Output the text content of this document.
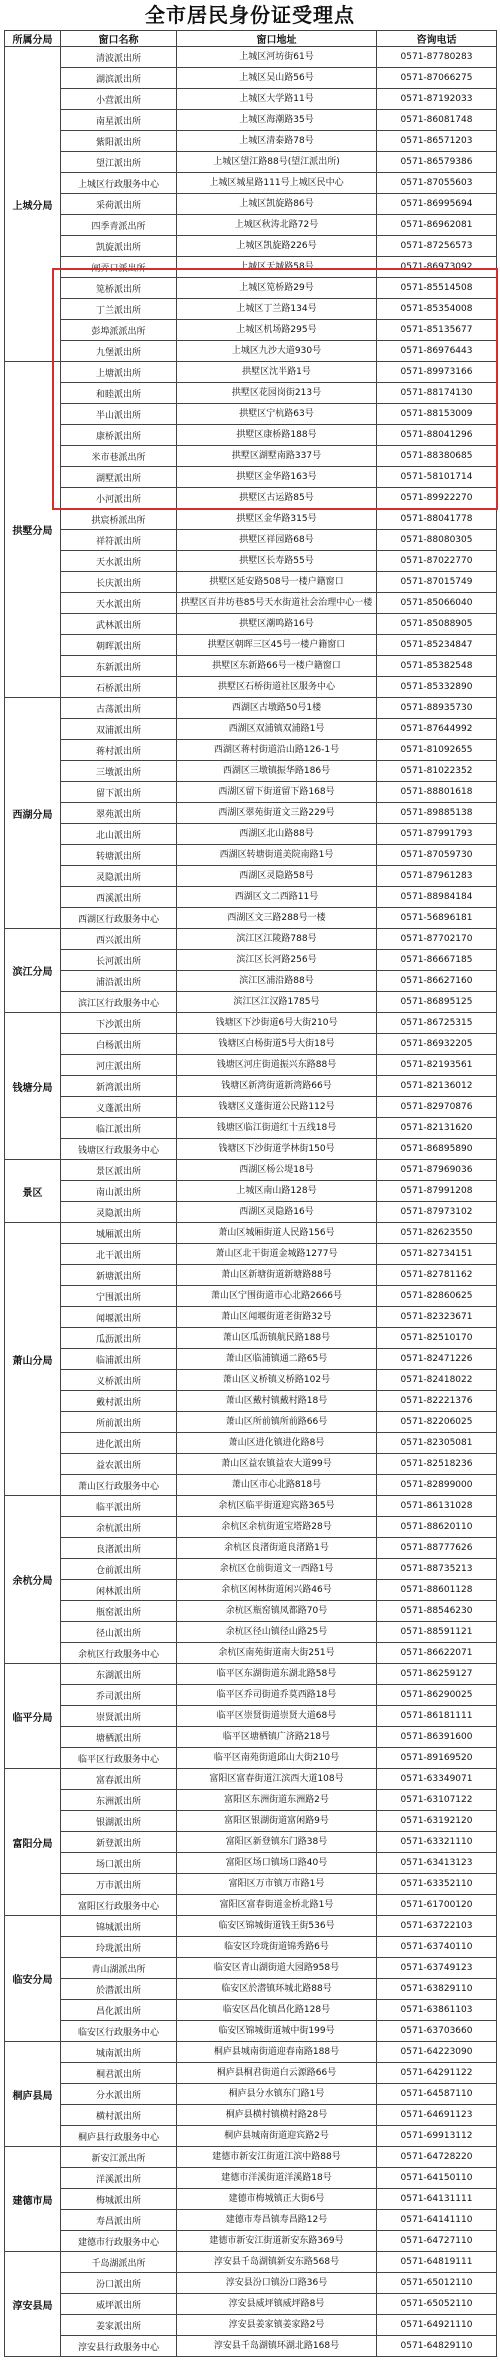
全市居民身份证受理点
所属分局	窗口名称	窗口地址	咨询电话
上城分局	清波派出所	上城区河坊街61号	0571-87780283
	湖滨派出所	上城区吴山路56号	0571-87066275
	小营派出所	上城区大学路11号	0571-87192033
	南星派出所	上城区海潮路35号	0571-86081748
	紫阳派出所	上城区清泰路78号	0571-86571203
	望江派出所	上城区望江路88号(望江派出所)	0571-86579386
	上城区行政服务中心	上城区城星路111号上城区民中心	0571-87055603
	采荷派出所	上城区凯旋路86号	0571-86995694
	四季青派出所	上城区秋涛北路72号	0571-86962081
	凯旋派出所	上城区凯旋路226号	0571-87256573
	闸弄口派出所	上城区天城路58号	0571-86973092
	笕桥派出所	上城区笕桥路29号	0571-85514508
	丁兰派出所	上城区丁兰路134号	0571-85354008
	彭埠派派出所	上城区机场路295号	0571-85135677
	九堡派出所	上城区九沙大道930号	0571-86976443
拱墅分局	上塘派出所	拱墅区沈半路1号	0571-89973166
	和睦派出所	拱墅区花园岗街213号	0571-88174130
	半山派出所	拱墅区宁杭路63号	0571-88153009
	康桥派出所	拱墅区康桥路188号	0571-88041296
	米市巷派出所	拱墅区湖墅南路337号	0571-88380685
	湖墅派出所	拱墅区金华路163号	0571-58101714
	小河派出所	拱墅区古运路85号	0571-89922270
	拱宸桥派出所	拱墅区金华路315号	0571-88041778
	祥符派出所	拱墅区祥园路68号	0571-88080305
	天水派出所	拱墅区长寿路55号	0571-87022770
	长庆派出所	拱墅区延安路508号一楼户籍窗口	0571-87015749
	天水派出所	拱墅区百井坊巷85号天水街道社会治理中心一楼	0571-85066040
	武林派出所	拱墅区潮鸣路16号	0571-85088905
	朝晖派出所	拱墅区朝晖三区45号一楼户籍窗口	0571-85234847
	东新派出所	拱墅区东新路66号一楼户籍窗口	0571-85382548
	石桥派出所	拱墅区石桥街道社区服务中心	0571-85332890
西湖分局	古荡派出所	西湖区古墩路50号1楼	0571-88935730
	双浦派出所	西湖区双浦镇双浦路1号	0571-87644992
	蒋村派出所	西湖区蒋村街道沿山路126-1号	0571-81092655
	三墩派出所	西湖区三墩镇振华路186号	0571-81022352
	留下派出所	西湖区留下街道留下路168号	0571-88801618
	翠苑派出所	西湖区翠苑街道文三路229号	0571-89885138
	北山派出所	西湖区北山路88号	0571-87991793
	转塘派出所	西湖区转塘街道美院南路1号	0571-87059730
	灵隐派出所	西湖区灵隐路58号	0571-87961283
	西溪派出所	西湖区文二西路11号	0571-88984184
	西湖区行政服务中心	西湖区文三路288号一楼	0571-56896181
滨江分局	西兴派出所	滨江区江陵路788号	0571-87702170
	长河派出所	滨江区长河路256号	0571-86667185
	浦沿派出所	滨江区浦沿路88号	0571-86627160
	滨江区行政服务中心	滨江区江汉路1785号	0571-86895125
钱塘分局	下沙派出所	钱塘区下沙街道6号大街210号	0571-86725315
	白杨派出所	钱塘区白杨街道5号大街18号	0571-86932205
	河庄派出所	钱塘区河庄街道振兴东路88号	0571-82193561
	新湾派出所	钱塘区新湾街道新湾路66号	0571-82136012
	义蓬派出所	钱塘区义蓬街道公民路112号	0571-82970876
	临江派出所	钱塘区临江街道红十五线18号	0571-82131620
	钱塘区行政服务中心	钱塘区下沙街道学林街150号	0571-86895890
景区	景区派出所	西湖区杨公堤18号	0571-87969036
	南山派出所	上城区南山路128号	0571-87991208
	灵隐派出所	西湖区灵隐路16号	0571-87973102
萧山分局	城厢派出所	萧山区城厢街道人民路156号	0571-82623550
	北干派出所	萧山区北干街道金城路1277号	0571-82734151
	新塘派出所	萧山区新塘街道新塘路88号	0571-82781162
	宁围派出所	萧山区宁围街道市心北路2666号	0571-82860625
	闻堰派出所	萧山区闻堰街道老街路32号	0571-82323671
	瓜沥派出所	萧山区瓜沥镇航民路188号	0571-82510170
	临浦派出所	萧山区临浦镇通二路65号	0571-82471226
	义桥派出所	萧山区义桥镇义桥路102号	0571-82418022
	戴村派出所	萧山区戴村镇戴村路18号	0571-82221376
	所前派出所	萧山区所前镇所前路66号	0571-82206025
	进化派出所	萧山区进化镇进化路8号	0571-82305081
	益农派出所	萧山区益农镇益农大道99号	0571-82518236
	萧山区行政服务中心	萧山区市心北路818号	0571-82899000
余杭分局	临平派出所	余杭区临平街道迎宾路365号	0571-86131028
	余杭派出所	余杭区余杭街道宝塔路28号	0571-88620110
	良渚派出所	余杭区良渚街道良渚路1号	0571-88777626
	仓前派出所	余杭区仓前街道文一西路1号	0571-88735213
	闲林派出所	余杭区闲林街道闲兴路46号	0571-88601128
	瓶窑派出所	余杭区瓶窑镇凤都路70号	0571-88546230
	径山派出所	余杭区径山镇径山路25号	0571-88591121
	余杭区行政服务中心	余杭区南苑街道南大街251号	0571-86622071
临平分局	东湖派出所	临平区东湖街道东湖北路58号	0571-86259127
	乔司派出所	临平区乔司街道乔莫西路18号	0571-86290025
	崇贤派出所	临平区崇贤街道崇贤大道68号	0571-86181111
	塘栖派出所	临平区塘栖镇广济路218号	0571-86391600
	临平区行政服务中心	临平区南苑街道邱山大街210号	0571-89169520
富阳分局	富春派出所	富阳区富春街道江滨西大道108号	0571-63349071
	东洲派出所	富阳区东洲街道东洲路2号	0571-63107122
	银湖派出所	富阳区银湖街道富闲路9号	0571-63192120
	新登派出所	富阳区新登镇东门路38号	0571-63321110
	场口派出所	富阳区场口镇场口路40号	0571-63413123
	万市派出所	富阳区万市镇万市路1号	0571-63352110
	富阳区行政服务中心	富阳区富春街道金桥北路1号	0571-61700120
临安分局	锦城派出所	临安区锦城街道钱王街536号	0571-63722103
	玲珑派出所	临安区玲珑街道锦秀路6号	0571-63740110
	青山湖派出所	临安区青山湖街道大园路958号	0571-63749123
	於潜派出所	临安区於潜镇环城北路88号	0571-63829110
	昌化派出所	临安区昌化镇昌化路128号	0571-63861103
	临安区行政服务中心	临安区锦城街道城中街199号	0571-63703660
桐庐县局	城南派出所	桐庐县城南街道迎春南路188号	0571-64223090
	桐君派出所	桐庐县桐君街道白云源路66号	0571-64291122
	分水派出所	桐庐县分水镇东门路1号	0571-64587110
	横村派出所	桐庐县横村镇横村路28号	0571-64691123
	桐庐县行政服务中心	桐庐县城南街道迎宾路2号	0571-69913112
建德市局	新安江派出所	建德市新安江街道江滨中路88号	0571-64728220
	洋溪派出所	建德市洋溪街道洋溪路18号	0571-64150110
	梅城派出所	建德市梅城镇正大街6号	0571-64131111
	寿昌派出所	建德市寿昌镇寿昌路12号	0571-64141110
	建德市行政服务中心	建德市新安江街道新安东路369号	0571-64727110
淳安县局	千岛湖派出所	淳安县千岛湖镇新安东路568号	0571-64819111
	汾口派出所	淳安县汾口镇汾口路36号	0571-65012110
	威坪派出所	淳安县威坪镇威坪路8号	0571-65052110
	姜家派出所	淳安县姜家镇姜家路2号	0571-64921110
	淳安县行政服务中心	淳安县千岛湖镇环湖北路168号	0571-64829110
